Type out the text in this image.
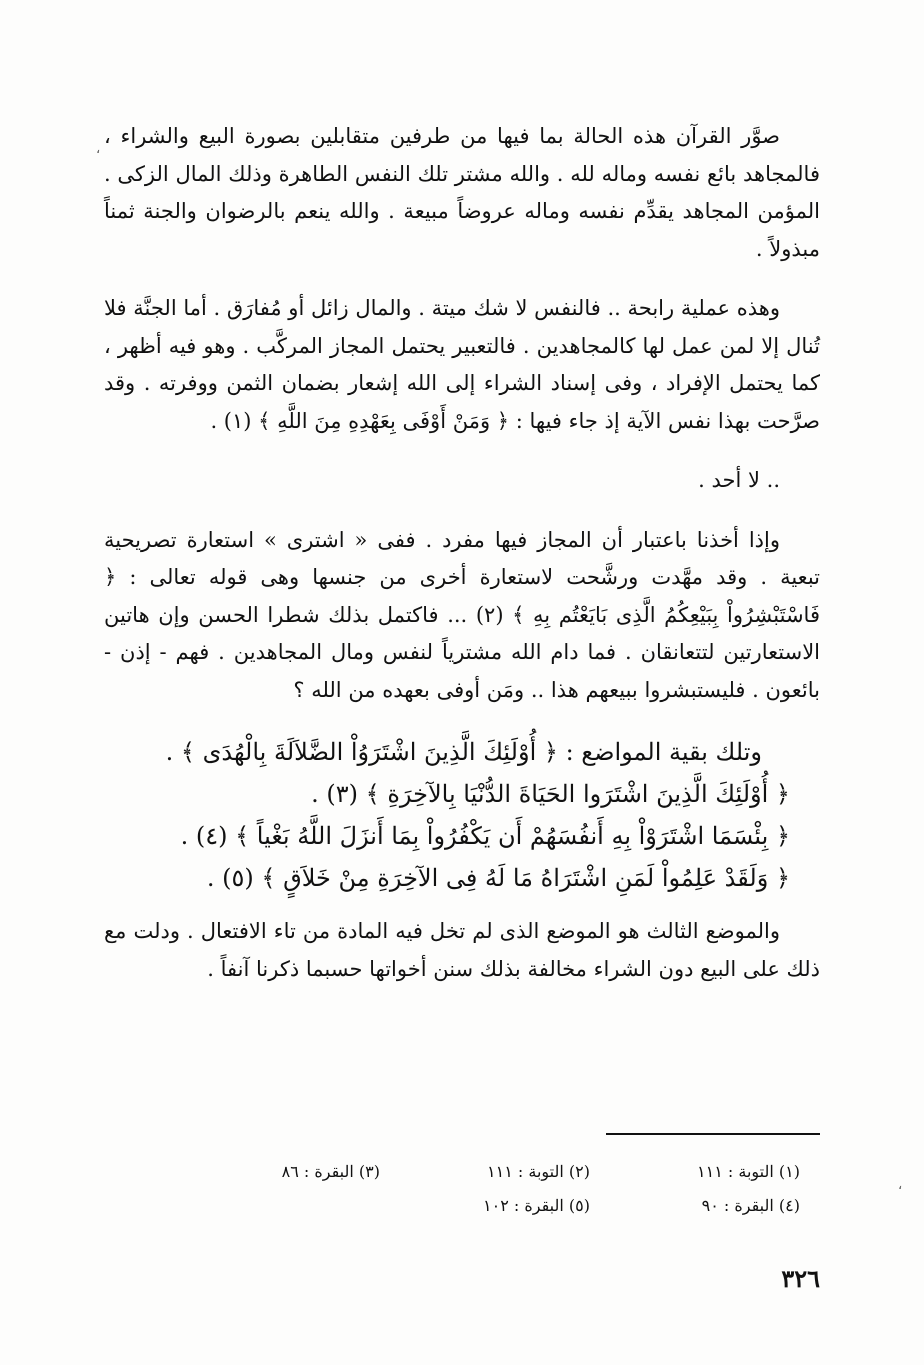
صوَّر القرآن هذه الحالة بما فيها من طرفين متقابلين بصورة البيع والشراء ، فالمجاهد بائع نفسه وماله لله . والله مشتر تلك النفس الطاهرة وذلك المال الزكى . المؤمن المجاهد يقدِّم نفسه وماله عروضاً مبيعة . والله ينعم بالرضوان والجنة ثمناً مبذولاً .

وهذه عملية رابحة .. فالنفس لا شك ميتة . والمال زائل أو مُفارَق . أما الجنَّة فلا تُنال إلا لمن عمل لها كالمجاهدين . فالتعبير يحتمل المجاز المركَّب . وهو فيه أظهر ، كما يحتمل الإفراد ، وفى إسناد الشراء إلى الله إشعار بضمان الثمن ووفرته . وقد صرَّحت بهذا نفس الآية إذ جاء فيها : ﴿ وَمَنْ أَوْفَى بِعَهْدِهِ مِنَ اللَّهِ ﴾ (١) .

.. لا أحد .

وإذا أخذنا باعتبار أن المجاز فيها مفرد . ففى « اشترى » استعارة تصريحية تبعية . وقد مهَّدت ورشَّحت لاستعارة أخرى من جنسها وهى قوله تعالى : ﴿ فَاسْتَبْشِرُواْ بِبَيْعِكُمُ الَّذِى بَايَعْتُم بِهِ ﴾ (٢) ... فاكتمل بذلك شطرا الحسن وإن هاتين الاستعارتين لتتعانقان . فما دام الله مشترياً لنفس ومال المجاهدين . فهم - إذن - بائعون . فليستبشروا ببيعهم هذا .. ومَن أوفى بعهده من الله ؟

وتلك بقية المواضع : ﴿ أُوْلَئِكَ الَّذِينَ اشْتَرَوُاْ الضَّلاَلَةَ بِالْهُدَى ﴾ .
﴿ أُوْلَئِكَ الَّذِينَ اشْتَرَوا الحَيَاةَ الدُّنْيَا بِالآخِرَةِ ﴾ (٣) .
﴿ بِئْسَمَا اشْتَرَوْاْ بِهِ أَنفُسَهُمْ أَن يَكْفُرُواْ بِمَا أَنزَلَ اللَّهُ بَغْياً ﴾ (٤) .
﴿ وَلَقَدْ عَلِمُواْ لَمَنِ اشْتَرَاهُ مَا لَهُ فِى الآخِرَةِ مِنْ خَلاَقٍ ﴾ (٥) .

والموضع الثالث هو الموضع الذى لم تخل فيه المادة من تاء الافتعال . ودلت مع ذلك على البيع دون الشراء مخالفة بذلك سنن أخواتها حسبما ذكرنا آنفاً .

(١) التوبة : ١١١
(٢) التوبة : ١١١
(٣) البقرة : ٨٦
(٤) البقرة : ٩٠
(٥) البقرة : ١٠٢
٣٢٦
،
،
